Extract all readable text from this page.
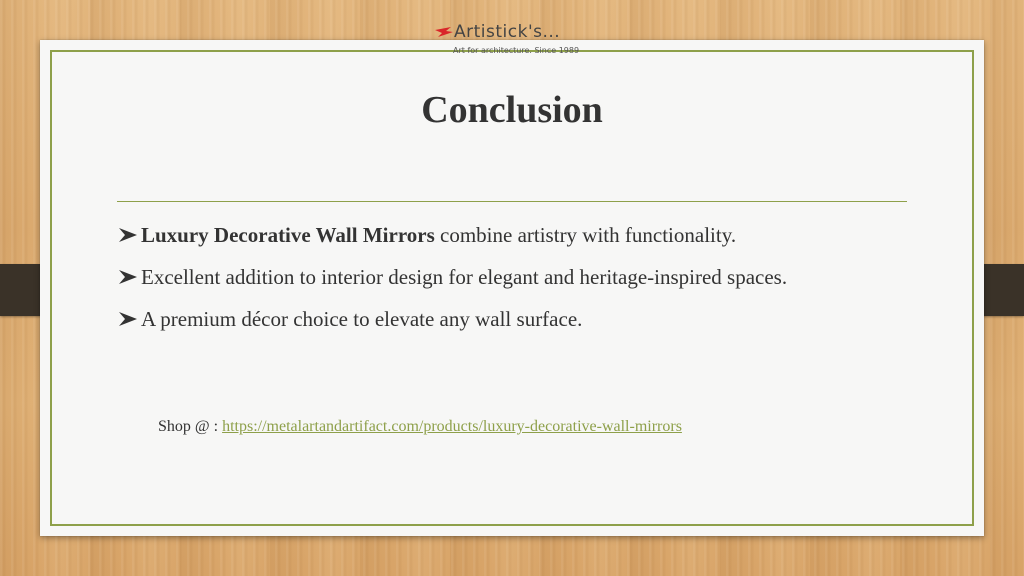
Artistick's...
Art for architecture. Since 1989
Conclusion
Luxury Decorative Wall Mirrors combine artistry with functionality.
Excellent addition to interior design for elegant and heritage-inspired spaces.
A premium décor choice to elevate any wall surface.
Shop @ : https://metalartandartifact.com/products/luxury-decorative-wall-mirrors
